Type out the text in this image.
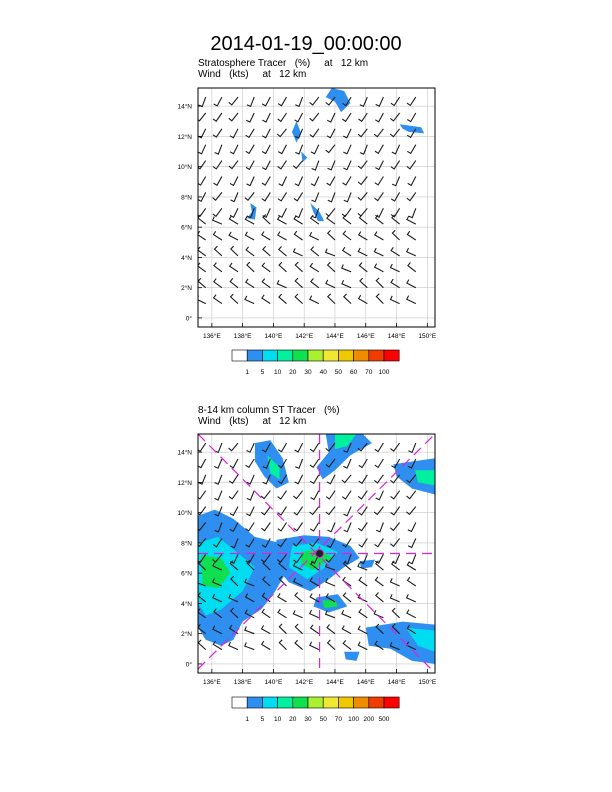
2014-01-19_00:00:00
Stratosphere Tracer   (%)     at   12 km
Wind   (kts)     at   12 km
8-14 km column ST Tracer   (%)
Wind   (kts)     at   12 km
136°E 138°E 140°E 142°E 144°E 146°E 148°E 150°E
0°
2°N
4°N
6°N
8°N
10°N
12°N
14°N
1 5 10 20 30 40 50 60 70 100
136°E 138°E 140°E 142°E 144°E 146°E 148°E 150°E
0°
2°N
4°N
6°N
8°N
10°N
12°N
14°N
1 5 10 20 30 50 70 100 200 500
